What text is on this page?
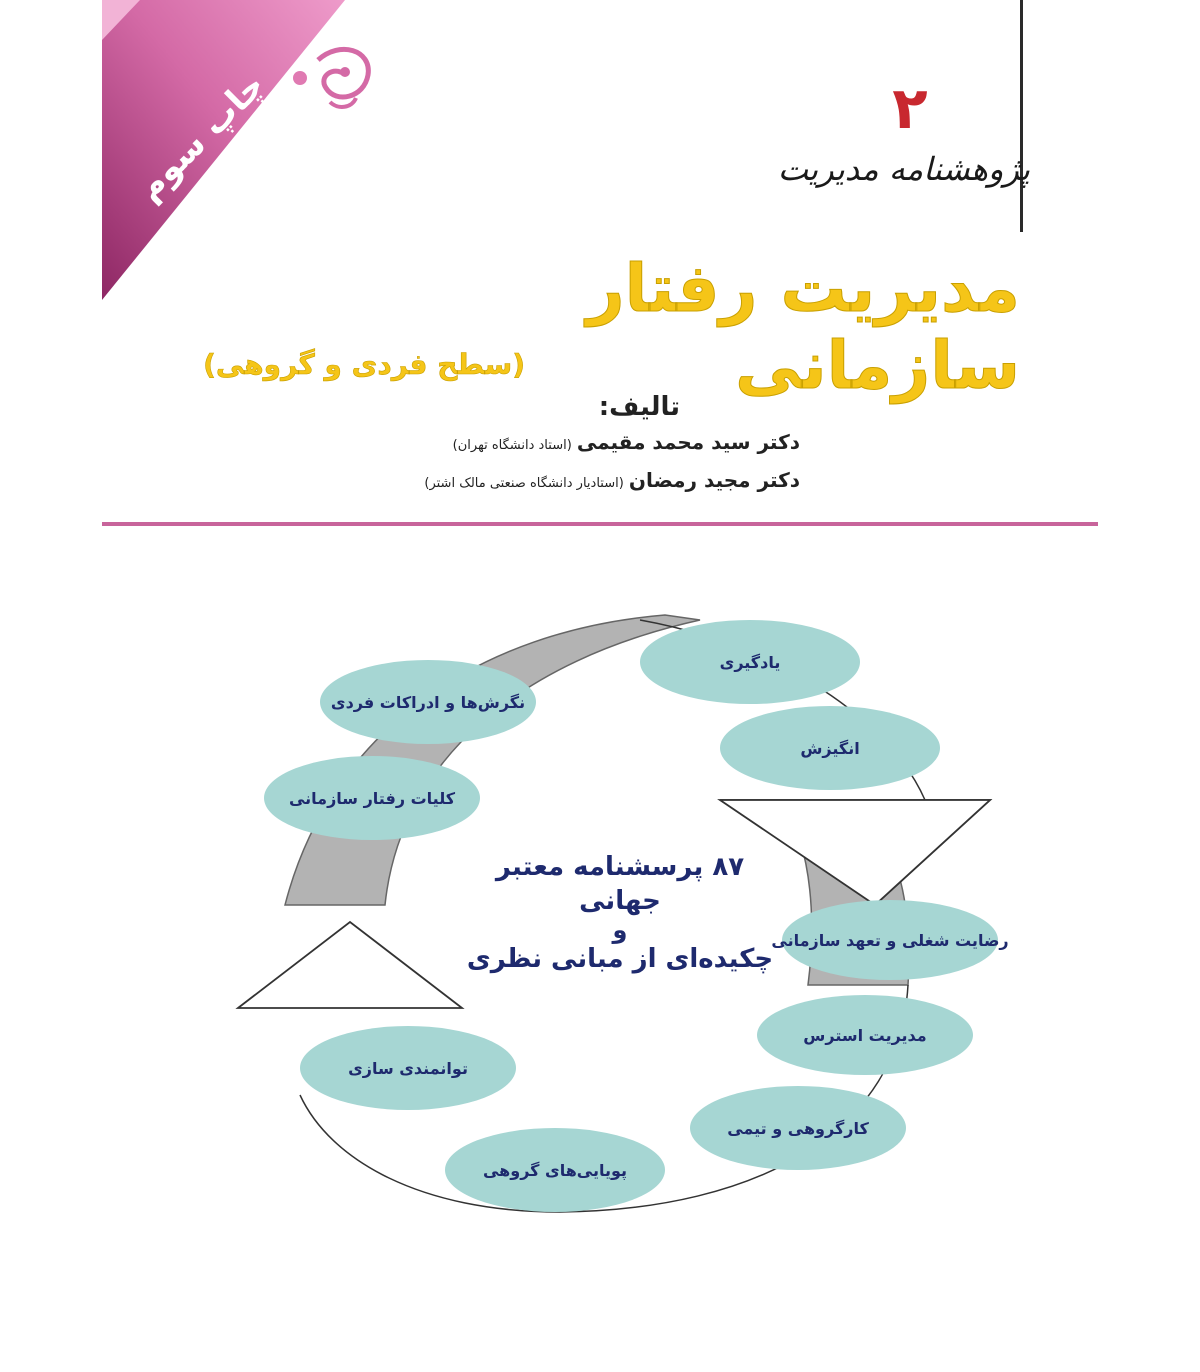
چاپ سوم	۲
پژوهشنامه مدیریت
مدیریت رفتار سازمانی
(سطح فردی و گروهی)
تالیف:
دکتر سید محمد مقیمی (استاد دانشگاه تهران)
دکتر مجید رمضان (استادیار دانشگاه صنعتی مالک اشتر)
یادگیری
انگیزش
رضایت شغلی و تعهد سازمانی
مدیریت استرس
کارگروهی و تیمی
پویایی‌های گروهی
توانمندی سازی
کلیات رفتار سازمانی
نگرش‌ها و ادراکات فردی
۸۷ پرسشنامه معتبر جهانی
و
چکیده‌ای از مبانی نظری
